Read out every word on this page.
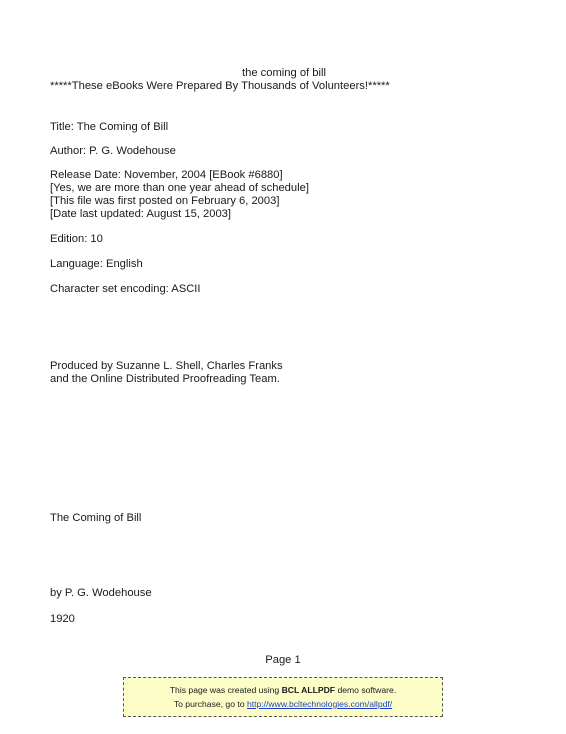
the coming of bill
*****These eBooks Were Prepared By Thousands of Volunteers!*****
Title: The Coming of Bill
Author: P. G. Wodehouse
Release Date: November, 2004 [EBook #6880]
[Yes, we are more than one year ahead of schedule]
[This file was first posted on February 6, 2003]
[Date last updated: August 15, 2003]
Edition: 10
Language: English
Character set encoding: ASCII
Produced by Suzanne L. Shell, Charles Franks
and the Online Distributed Proofreading Team.
The Coming of Bill
by P. G. Wodehouse
1920
Page 1
This page was created using BCL ALLPDF demo software.
To purchase, go to http://www.bcltechnologies.com/allpdf/
